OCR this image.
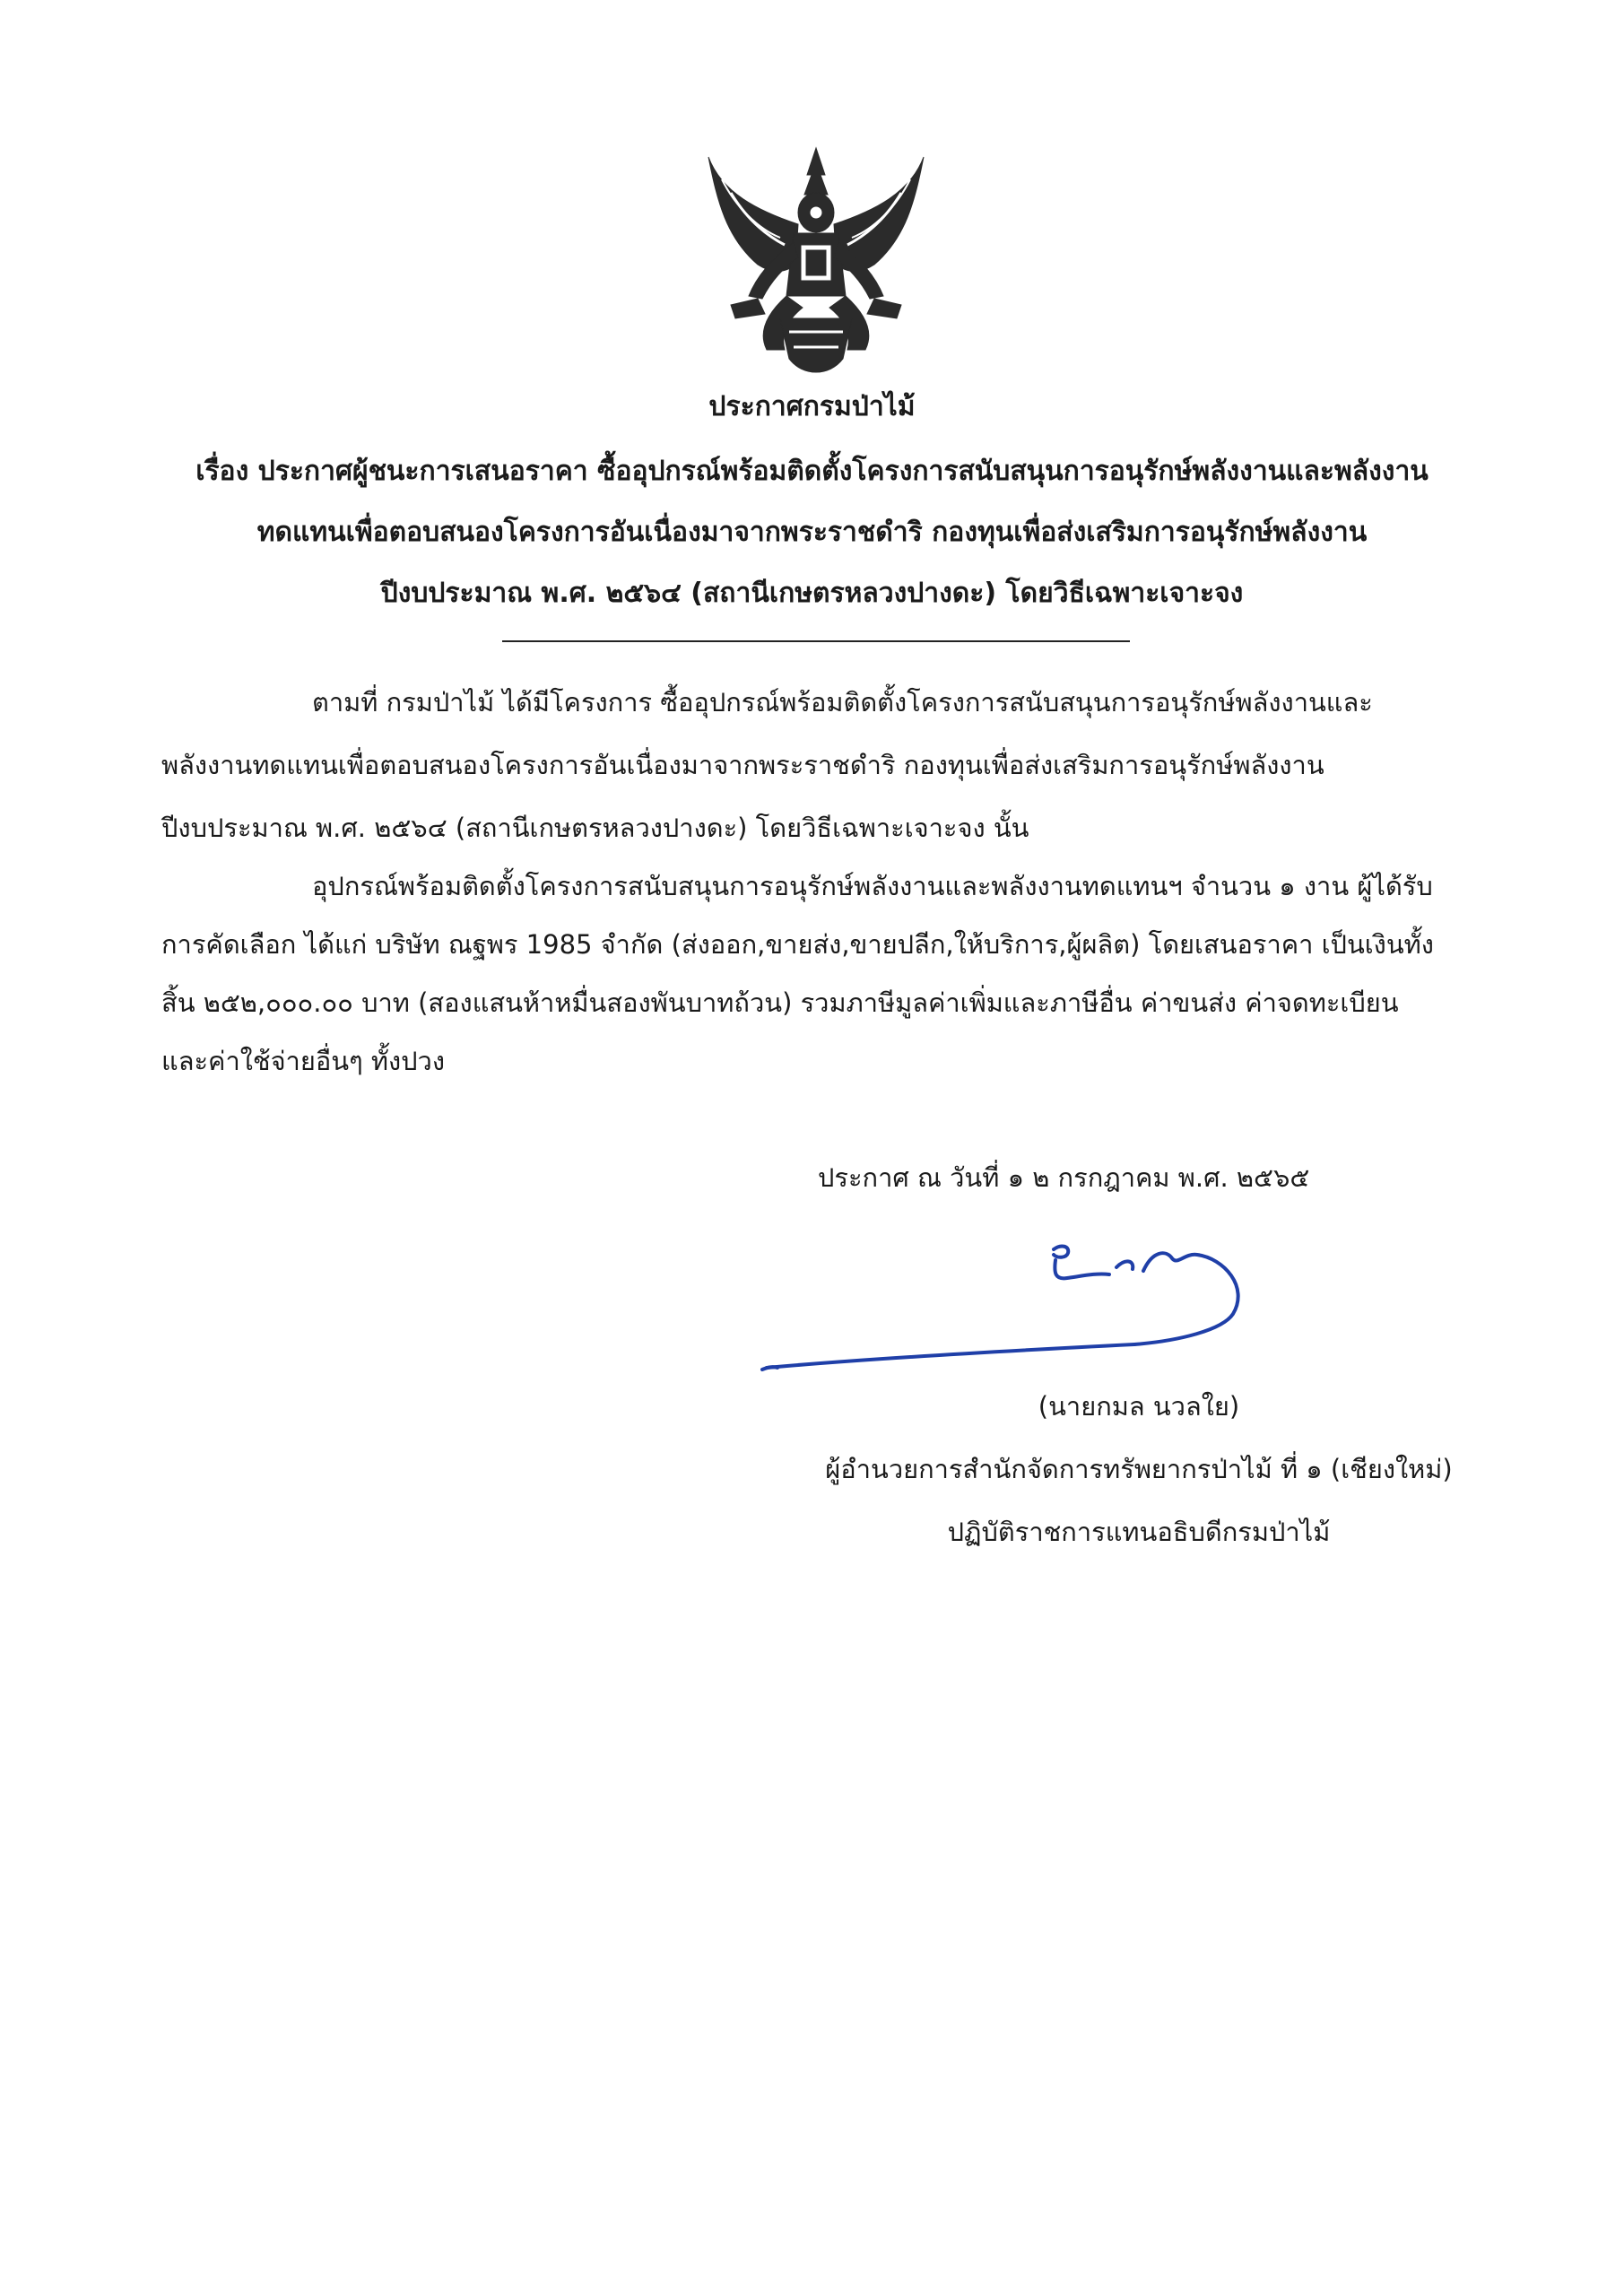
ประกาศกรมป่าไม้
เรื่อง ประกาศผู้ชนะการเสนอราคา ซื้ออุปกรณ์พร้อมติดตั้งโครงการสนับสนุนการอนุรักษ์พลังงานและพลังงาน
ทดแทนเพื่อตอบสนองโครงการอันเนื่องมาจากพระราชดำริ กองทุนเพื่อส่งเสริมการอนุรักษ์พลังงาน
ปีงบประมาณ พ.ศ. ๒๕๖๔ (สถานีเกษตรหลวงปางดะ) โดยวิธีเฉพาะเจาะจง
ตามที่ กรมป่าไม้ ได้มีโครงการ ซื้ออุปกรณ์พร้อมติดตั้งโครงการสนับสนุนการอนุรักษ์พลังงานและ
พลังงานทดแทนเพื่อตอบสนองโครงการอันเนื่องมาจากพระราชดำริ กองทุนเพื่อส่งเสริมการอนุรักษ์พลังงาน
ปีงบประมาณ พ.ศ. ๒๕๖๔ (สถานีเกษตรหลวงปางดะ) โดยวิธีเฉพาะเจาะจง นั้น
อุปกรณ์พร้อมติดตั้งโครงการสนับสนุนการอนุรักษ์พลังงานและพลังงานทดแทนฯ จำนวน ๑ งาน ผู้ได้รับ
การคัดเลือก ได้แก่ บริษัท ณฐพร 1985 จำกัด (ส่งออก,ขายส่ง,ขายปลีก,ให้บริการ,ผู้ผลิต) โดยเสนอราคา เป็นเงินทั้ง
สิ้น ๒๕๒,๐๐๐.๐๐ บาท (สองแสนห้าหมื่นสองพันบาทถ้วน) รวมภาษีมูลค่าเพิ่มและภาษีอื่น ค่าขนส่ง ค่าจดทะเบียน
และค่าใช้จ่ายอื่นๆ ทั้งปวง
ประกาศ ณ วันที่ ๑ ๒ กรกฎาคม พ.ศ. ๒๕๖๕
(นายกมล นวลใย)
ผู้อำนวยการสำนักจัดการทรัพยากรป่าไม้ ที่ ๑ (เชียงใหม่)
ปฏิบัติราชการแทนอธิบดีกรมป่าไม้
